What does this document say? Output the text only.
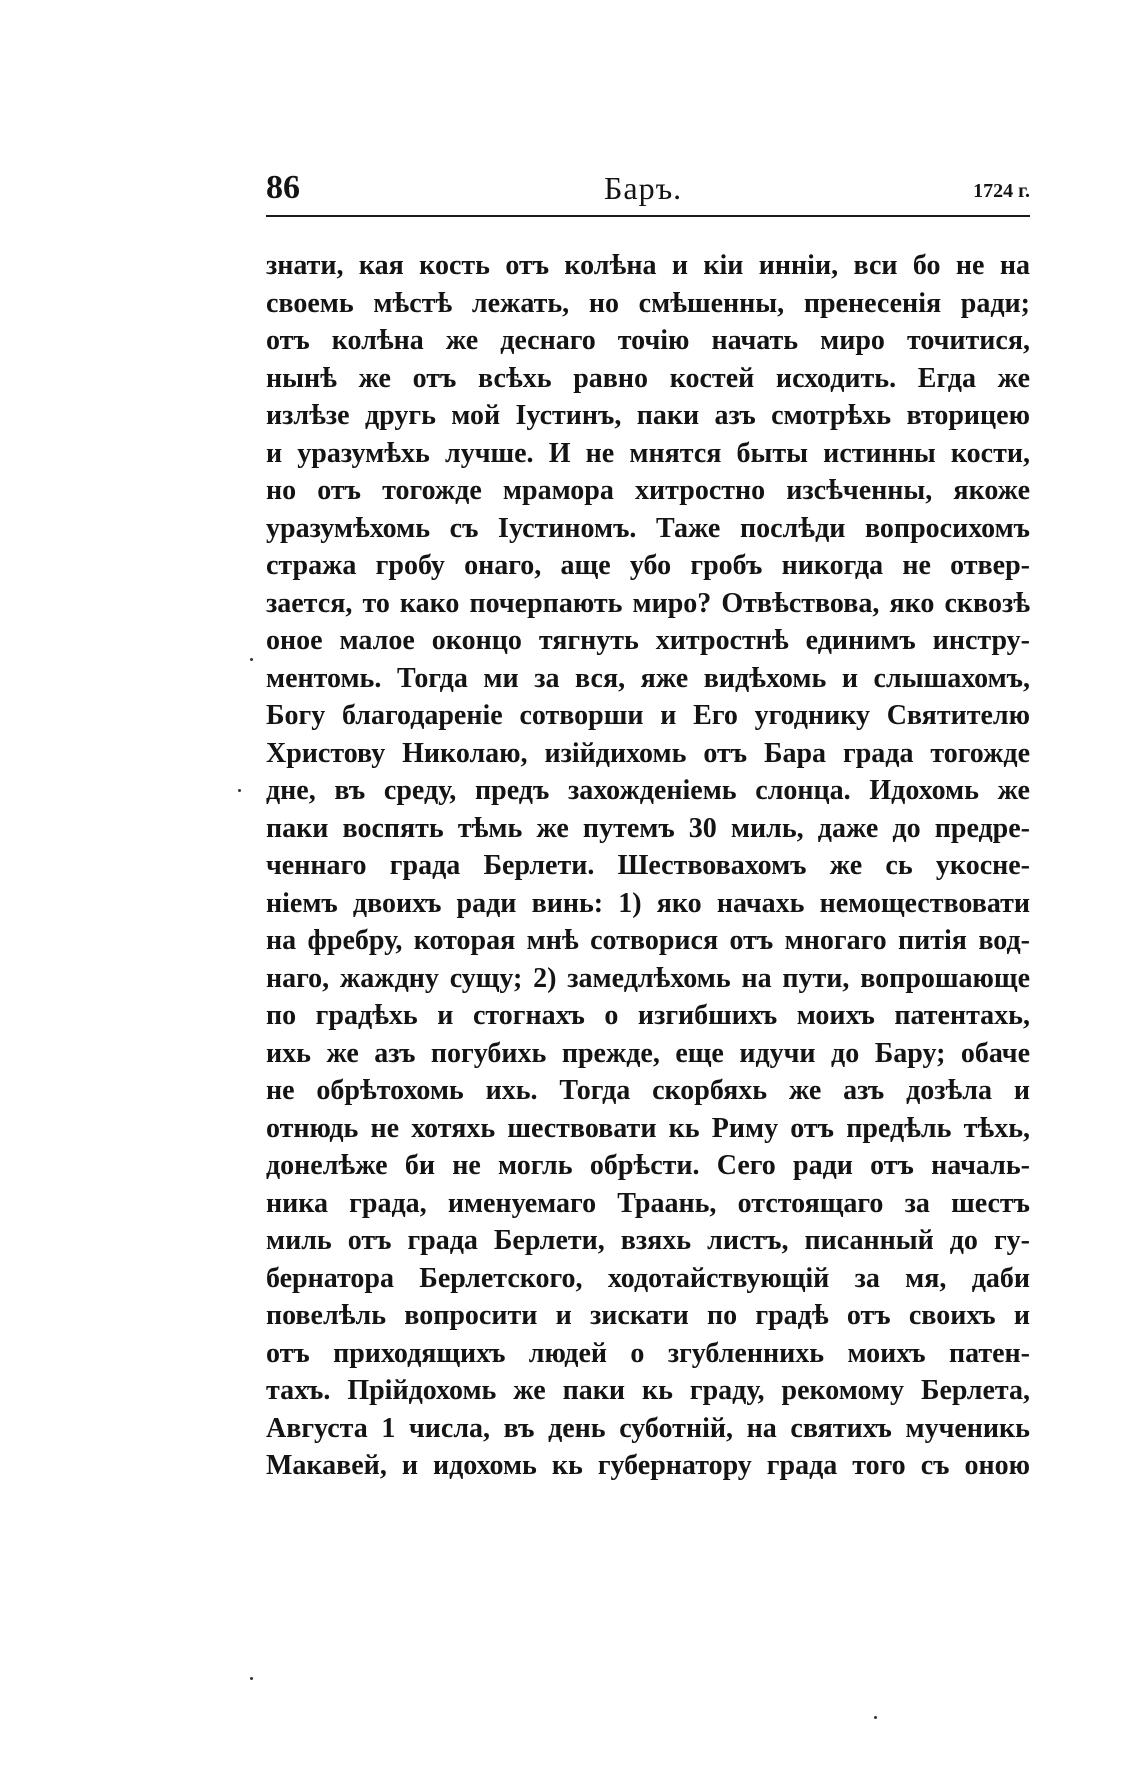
86	Баръ.	1724 г.
знати, кая кость отъ колѣна и кіи инніи, вси бо не на
своемь мѣстѣ лежать, но смѣшенны, пренесенія ради;
отъ колѣна же деснаго точію начать миро точитися,
нынѣ же отъ всѣхь равно костей исходить. Егда же
излѣзе другь мой Іустинъ, паки азъ смотрѣхь вторицею
и уразумѣхь лучше. И не мнятся быты истинны кости,
но отъ тогожде мрамора хитростно изсѣченны, якоже
уразумѣхомь съ Іустиномъ. Таже послѣди вопросихомъ
стража гробу онаго, аще убо гробъ никогда не отвер-
зается, то како почерпають миро? Отвѣствова, яко сквозѣ
оное малое оконцо тягнуть хитростнѣ единимъ инстру-
ментомь. Тогда ми за вся, яже видѣхомь и слышахомъ,
Богу благодареніе сотворши и Его угоднику Святителю
Христову Николаю, изійдихомь отъ Бара града тогожде
дне, въ среду, предъ захожденіемь слонца. Идохомь же
паки воспять тѣмь же путемъ 30 миль, даже до предре-
ченнаго града Берлети. Шествовахомъ же сь укосне-
ніемъ двоихъ ради винь: 1) яко начахь немоществовати
на фребру, которая мнѣ сотворися отъ многаго питія вод-
наго, жаждну сущу; 2) замедлѣхомь на пути, вопрошающе
по градѣхь и стогнахъ о изгибшихъ моихъ патентахь,
ихь же азъ погубихь прежде, еще идучи до Бару; обаче
не обрѣтохомь ихь. Тогда скорбяхь же азъ дозѣла и
отнюдь не хотяхь шествовати кь Риму отъ предѣль тѣхь,
донелѣже би не могль обрѣсти. Сего ради отъ началь-
ника града, именуемаго Траань, отстоящаго за шестъ
миль отъ града Берлети, взяхь листъ, писанный до гу-
бернатора Берлетского, ходотайствующій за мя, даби
повелѣль вопросити и зискати по градѣ отъ своихъ и
отъ приходящихъ людей о згубленнихь моихъ патен-
тахъ. Прійдохомь же паки кь граду, рекомому Берлета,
Августа 1 числа, въ день суботній, на святихъ мученикь
Макавей, и идохомь кь губернатору града того съ оною
